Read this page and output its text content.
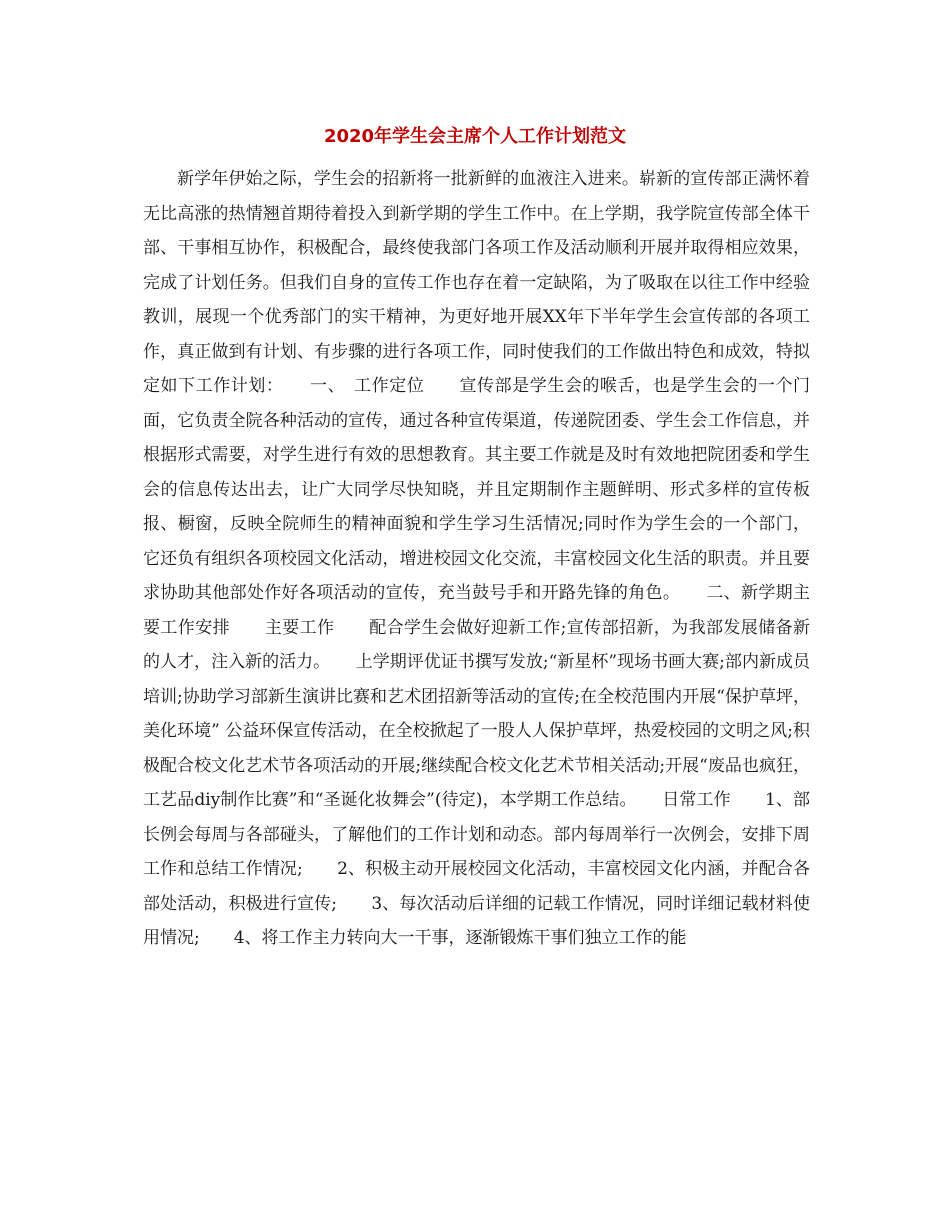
2020年学生会主席个人工作计划范文

新学年伊始之际，学生会的招新将一批新鲜的血液注入进来。崭新的宣传部正满怀着无比高涨的热情翘首期待着投入到新学期的学生工作中。在上学期，我学院宣传部全体干部、干事相互协作，积极配合，最终使我部门各项工作及活动顺利开展并取得相应效果，完成了计划任务。但我们自身的宣传工作也存在着一定缺陷，为了吸取在以往工作中经验教训，展现一个优秀部门的实干精神，为更好地开展XX年下半年学生会宣传部的各项工作，真正做到有计划、有步骤的进行各项工作，同时使我们的工作做出特色和成效，特拟定如下工作计划：　　一、　工作定位　　宣传部是学生会的喉舌，也是学生会的一个门面，它负责全院各种活动的宣传，通过各种宣传渠道，传递院团委、学生会工作信息，并根据形式需要，对学生进行有效的思想教育。其主要工作就是及时有效地把院团委和学生会的信息传达出去，让广大同学尽快知晓，并且定期制作主题鲜明、形式多样的宣传板报、橱窗，反映全院师生的精神面貌和学生学习生活情况;同时作为学生会的一个部门，它还负有组织各项校园文化活动，增进校园文化交流，丰富校园文化生活的职责。并且要求协助其他部处作好各项活动的宣传，充当鼓号手和开路先锋的角色。　　二、新学期主要工作安排　　主要工作　　配合学生会做好迎新工作;宣传部招新，为我部发展储备新的人才，注入新的活力。　　上学期评优证书撰写发放;“新星杯”现场书画大赛;部内新成员培训;协助学习部新生演讲比赛和艺术团招新等活动的宣传;在全校范围内开展“保护草坪，美化环境” 公益环保宣传活动，在全校掀起了一股人人保护草坪，热爱校园的文明之风;积极配合校文化艺术节各项活动的开展;继续配合校文化艺术节相关活动;开展“废品也疯狂，工艺品diy制作比赛”和“圣诞化妆舞会”(待定)，本学期工作总结。　　日常工作　　1、部长例会每周与各部碰头，了解他们的工作计划和动态。部内每周举行一次例会，安排下周工作和总结工作情况;　　2、积极主动开展校园文化活动，丰富校园文化内涵，并配合各部处活动，积极进行宣传;　　3、每次活动后详细的记载工作情况，同时详细记载材料使用情况;　　4、将工作主力转向大一干事，逐渐锻炼干事们独立工作的能
